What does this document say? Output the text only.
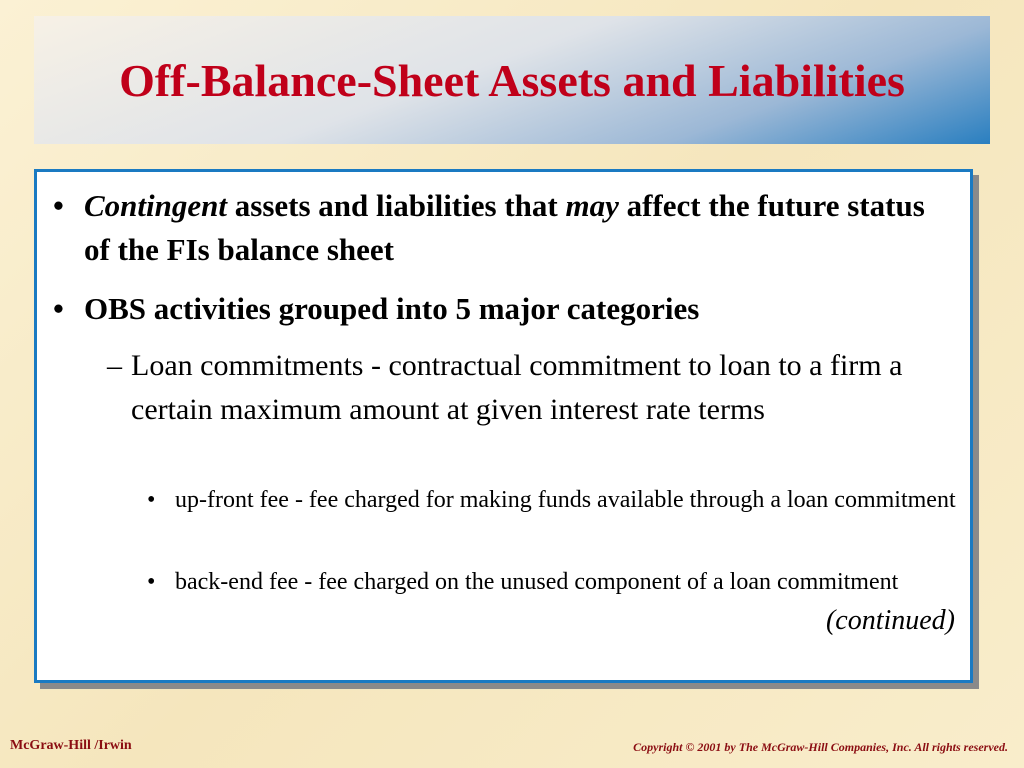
Off-Balance-Sheet Assets and Liabilities
• Contingent assets and liabilities that may affect the future status of the FIs balance sheet
• OBS activities grouped into 5 major categories
– Loan commitments - contractual commitment to loan to a firm a certain maximum amount at given interest rate terms
• up-front fee - fee charged for making funds available through a loan commitment
• back-end fee - fee charged on the unused component of a loan commitment
(continued)
McGraw-Hill /Irwin	Copyright © 2001 by The McGraw-Hill Companies, Inc. All rights reserved.
